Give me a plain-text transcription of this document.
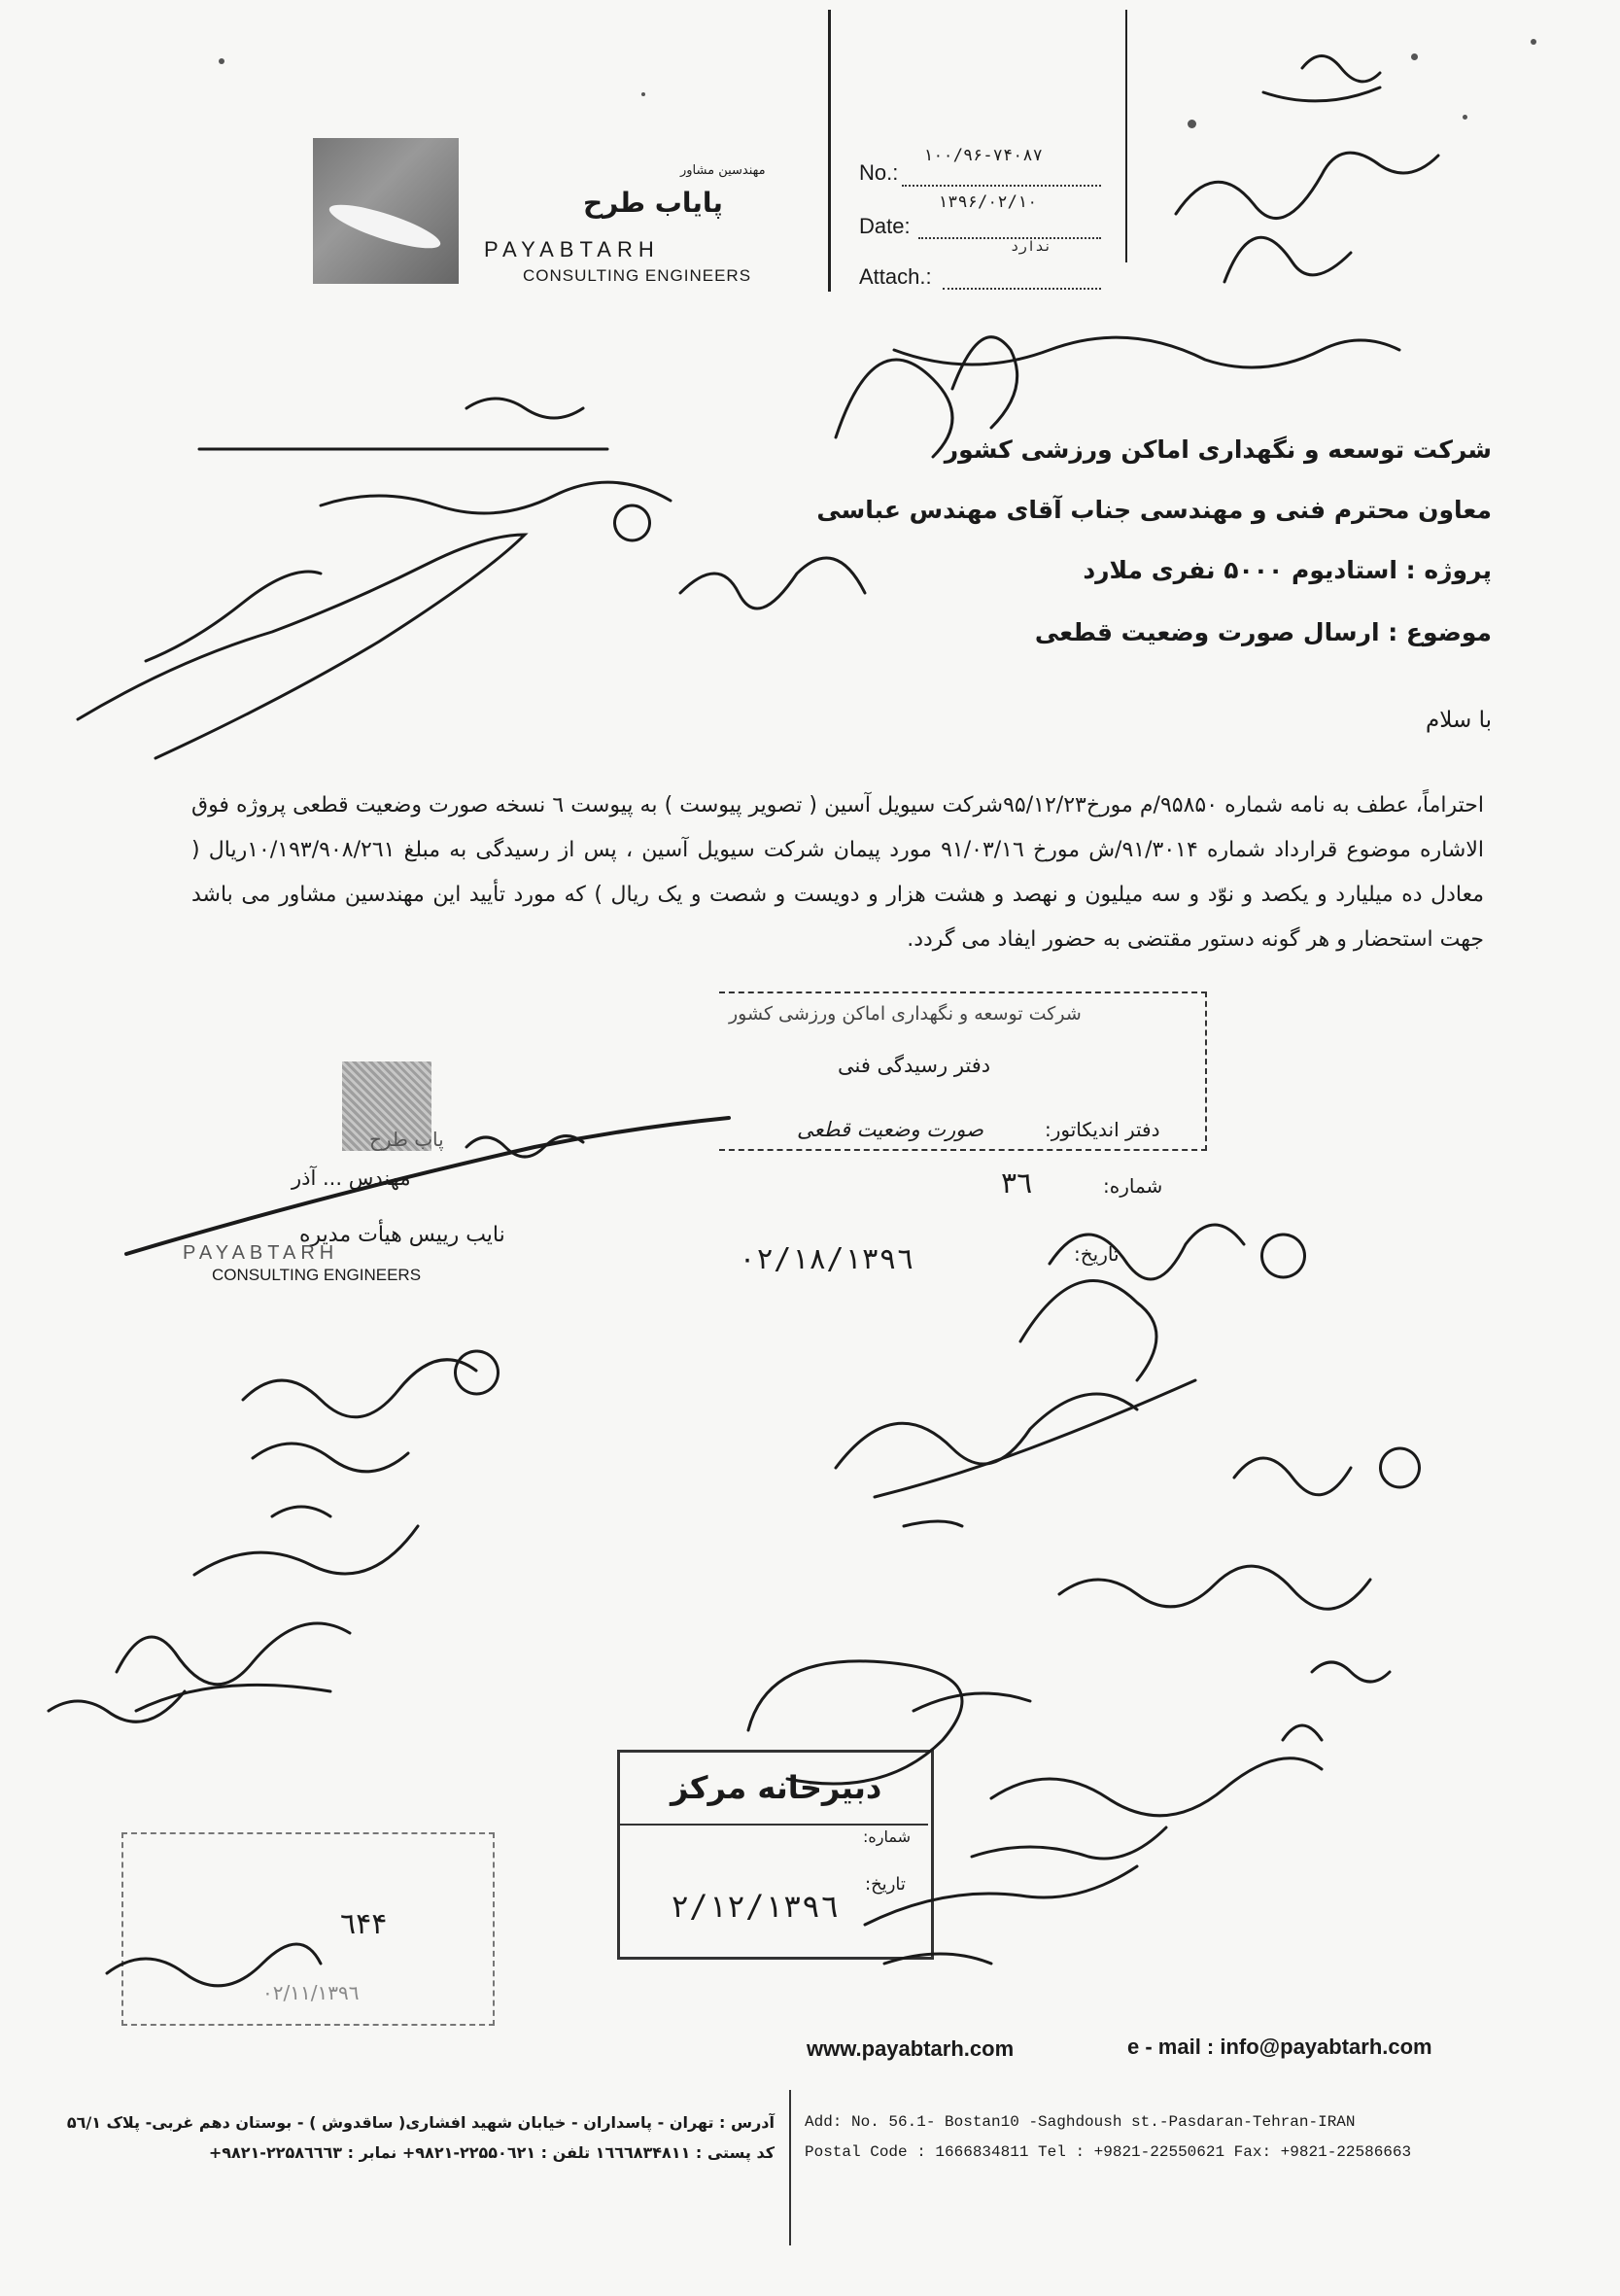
مهندسین مشاور
پایاب طرح
PAYABTARH
CONSULTING ENGINEERS
No.:
۱۰۰/۹۶-۷۴۰۸۷
Date:
۱۳۹۶/۰۲/۱۰
ندارد
Attach.:
شرکت توسعه و نگهداری اماکن ورزشی کشور
معاون محترم فنی و مهندسی جناب آقای مهندس عباسی
پروژه : استادیوم ۵۰۰۰ نفری ملارد
موضوع : ارسال صورت وضعیت قطعی
با سلام
احتراماً، عطف به نامه شماره ۹۵۸۵۰/م مورخ۹۵/۱۲/۲۳شرکت سیویل آسین ( تصویر پیوست ) به پیوست ٦ نسخه صورت وضعیت قطعی پروژه فوق الاشاره موضوع قرارداد شماره ۹۱/۳۰۱۴/ش مورخ ۹۱/۰۳/۱٦ مورد پیمان شرکت سیویل آسین ، پس از رسیدگی به مبلغ ۱۰/۱۹۳/۹۰۸/۲٦۱ریال ( معادل ده میلیارد و یکصد و نوّد و سه میلیون و نهصد و هشت هزار و دویست و شصت و یک ریال ) که مورد تأیید این مهندسین مشاور می باشد جهت استحضار و هر گونه دستور مقتضی به حضور ایفاد می گردد.
پاب طرح
مهندس ... آذر
نایب رییس هیأت مدیره
PAYABTARH
CONSULTING ENGINEERS
شرکت توسعه و نگهداری اماکن ورزشی کشور
دفتر رسیدگی فنی
دفتر اندیکاتور:
صورت وضعیت قطعی
شماره:
۳٦
تاریخ:
۱۳۹٦/۰۲/۱۸
دبیرخانه مرکز
شماره:
تاریخ:
۱۳۹٦/۲/۱۲
٦۴۴
۱۳۹٦/۰۲/۱۱
www.payabtarh.com	e - mail : info@payabtarh.com
Add: No. 56.1- Bostan10 -Saghdoush st.-Pasdaran-Tehran-IRAN
Postal Code : 1666834811 Tel : +9821-22550621 Fax: +9821-22586663
آدرس : تهران - پاسداران - خیابان شهید افشاری( ساقدوش ) - بوستان دهم غربی- پلاک ۵٦/۱
کد پستی : ۱٦٦٦۸۳۴۸۱۱ تلفن : ۲۲۵۵۰٦۲۱-۹۸۲۱+ نمابر : ۲۲۵۸٦٦٦۳-۹۸۲۱+
